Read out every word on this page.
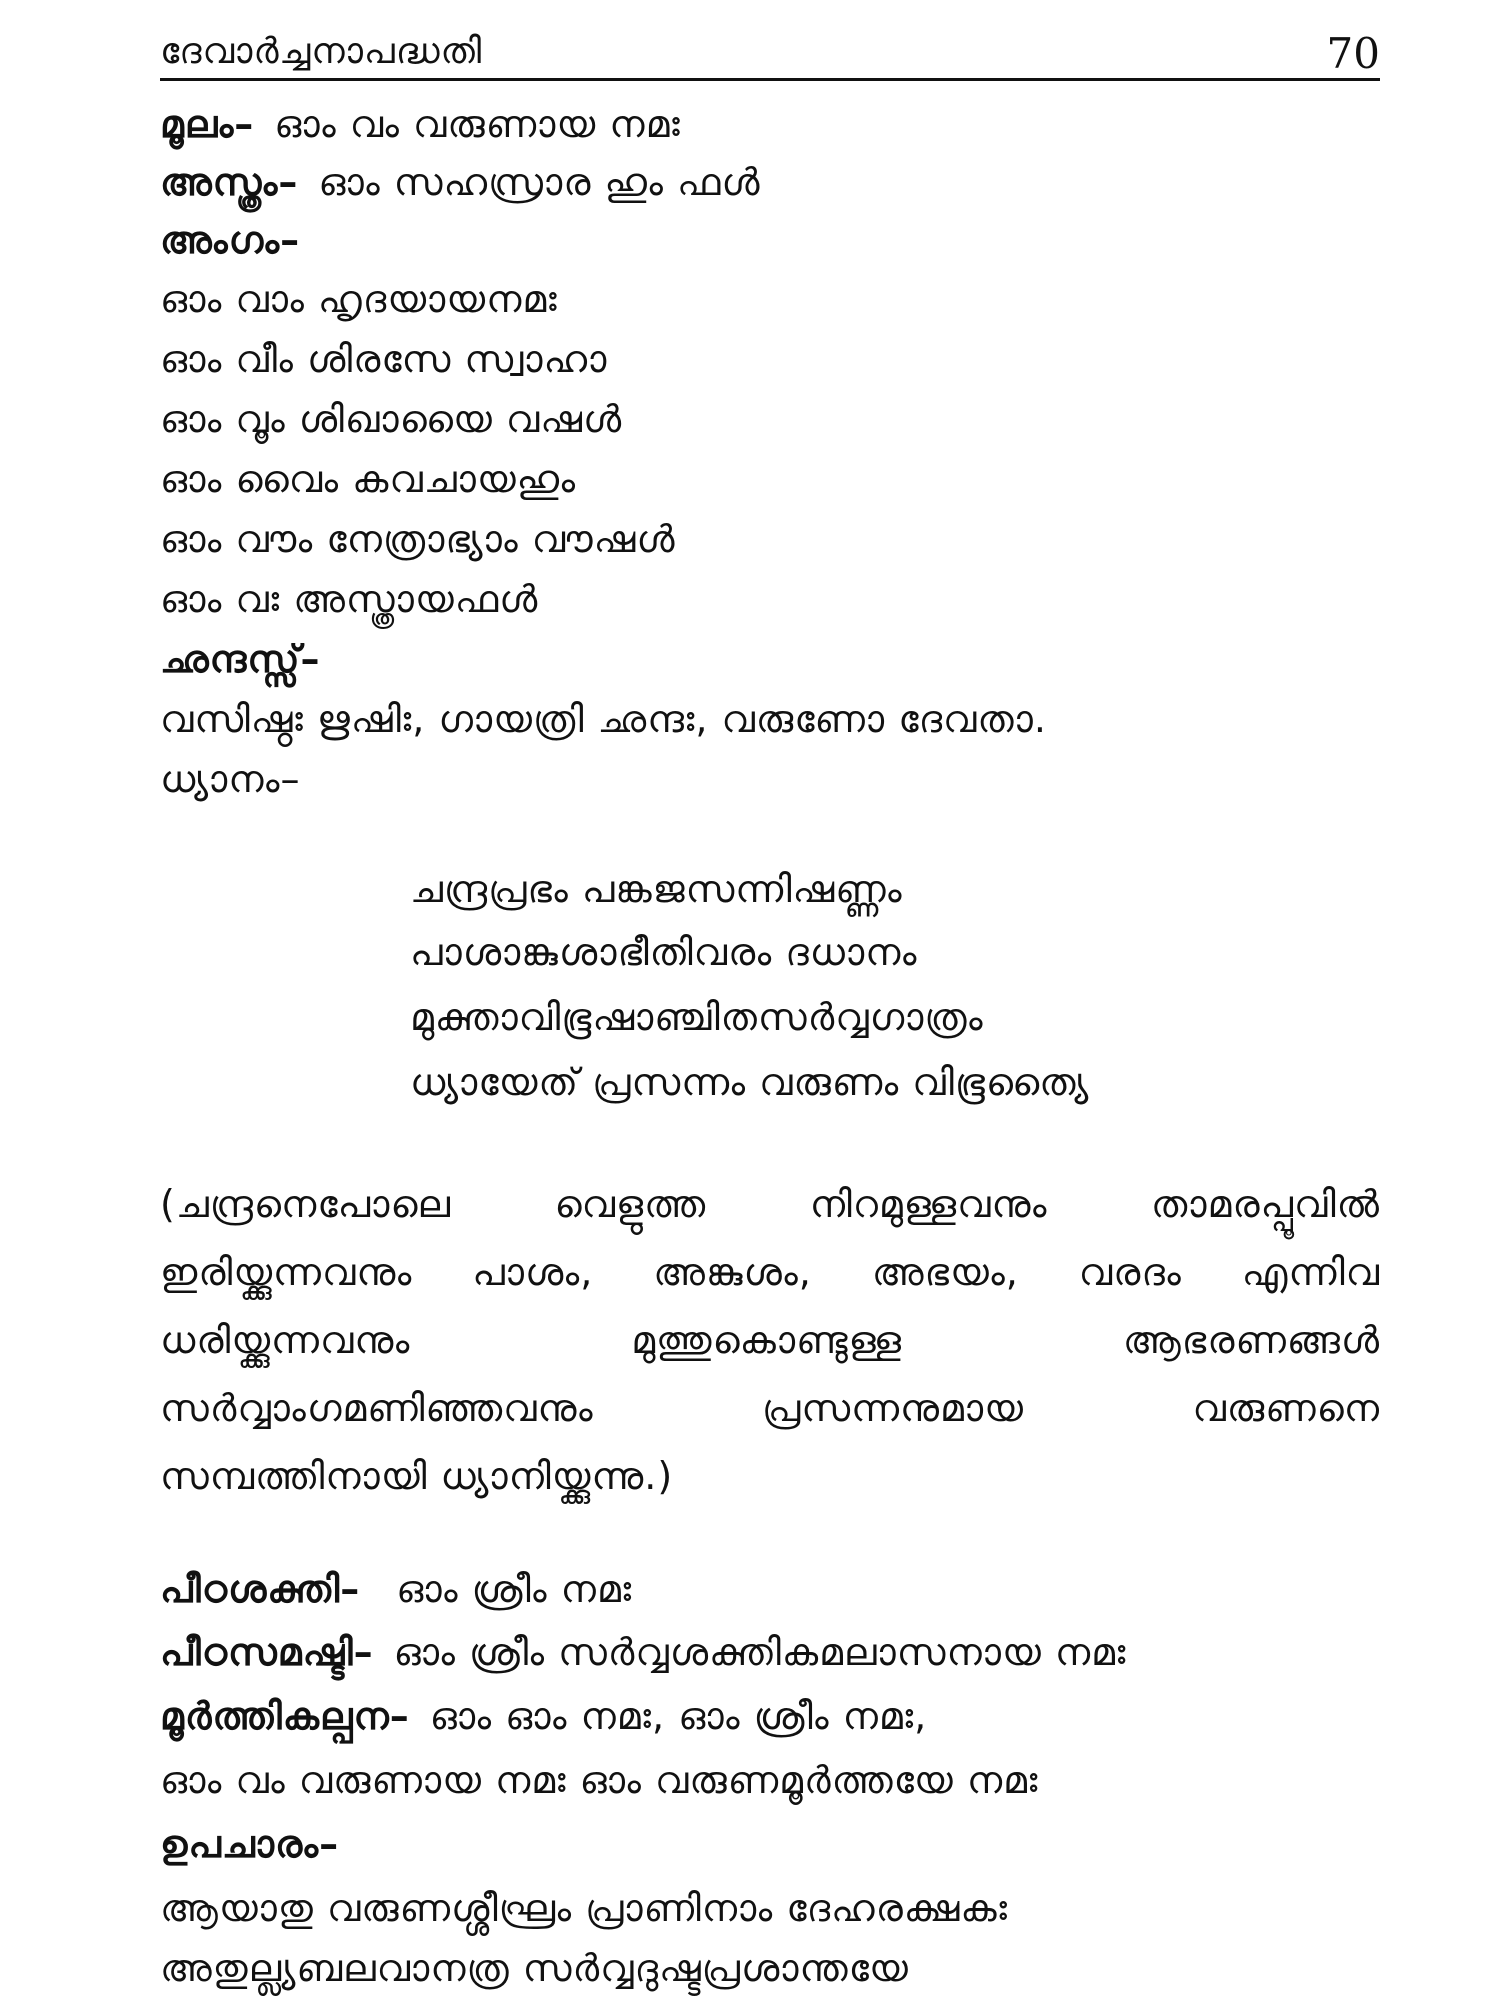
ദേവാർച്ചനാപദ്ധതി	70
മൂലം– ഓം വം വരുണായ നമഃ
അസ്ത്രം– ഓം സഹസ്രാര ഹും ഫൾ
അംഗം–
ഓം വാം ഹൃദയായനമഃ
ഓം വീം ശിരസേ സ്വാഹാ
ഓം വൂം ശിഖായൈ വഷൾ
ഓം വൈം കവചായഹും
ഓം വൗം നേത്രാഭ്യാം വൗഷൾ
ഓം വഃ അസ്ത്രായഫൾ
ഛന്ദസ്സ്–
വസിഷ്ഠഃ ഋഷിഃ, ഗായത്രി ഛന്ദഃ, വരുണോ ദേവതാ.
ധ്യാനം–
ചന്ദ്രപ്രഭം പങ്കജസന്നിഷണ്ണം
പാശാങ്കുശാഭീതിവരം ദധാനം
മുക്താവിഭൂഷാഞ്ചിതസർവ്വഗാത്രം
ധ്യായേത് പ്രസന്നം വരുണം വിഭൂത്യൈ
(ചന്ദ്രനെപോലെ വെളുത്ത നിറമുള്ളവനും താമരപ്പൂവിൽ
ഇരിയ്ക്കുന്നവനും പാശം, അങ്കുശം, അഭയം, വരദം എന്നിവ
ധരിയ്ക്കുന്നവനും മുത്തുകൊണ്ടുള്ള ആഭരണങ്ങൾ
സർവ്വാംഗമണിഞ്ഞവനും പ്രസന്നനുമായ വരുണനെ
സമ്പത്തിനായി ധ്യാനിയ്ക്കുന്നു.)
പീഠശക്തി– ഓം ശ്രീം നമഃ
പീഠസമഷ്ടി– ഓം ശ്രീം സർവ്വശക്തികമലാസനായ നമഃ
മൂർത്തികല്പന– ഓം ഓം നമഃ, ഓം ശ്രീം നമഃ,
ഓം വം വരുണായ നമഃ ഓം വരുണമൂർത്തയേ നമഃ
ഉപചാരം–
ആയാതു വരുണശ്ശീഘ്രം പ്രാണിനാം ദേഹരക്ഷകഃ
അതുല്ല്യബലവാനത്ര സർവ്വദുഷ്ടപ്രശാന്തയേ
